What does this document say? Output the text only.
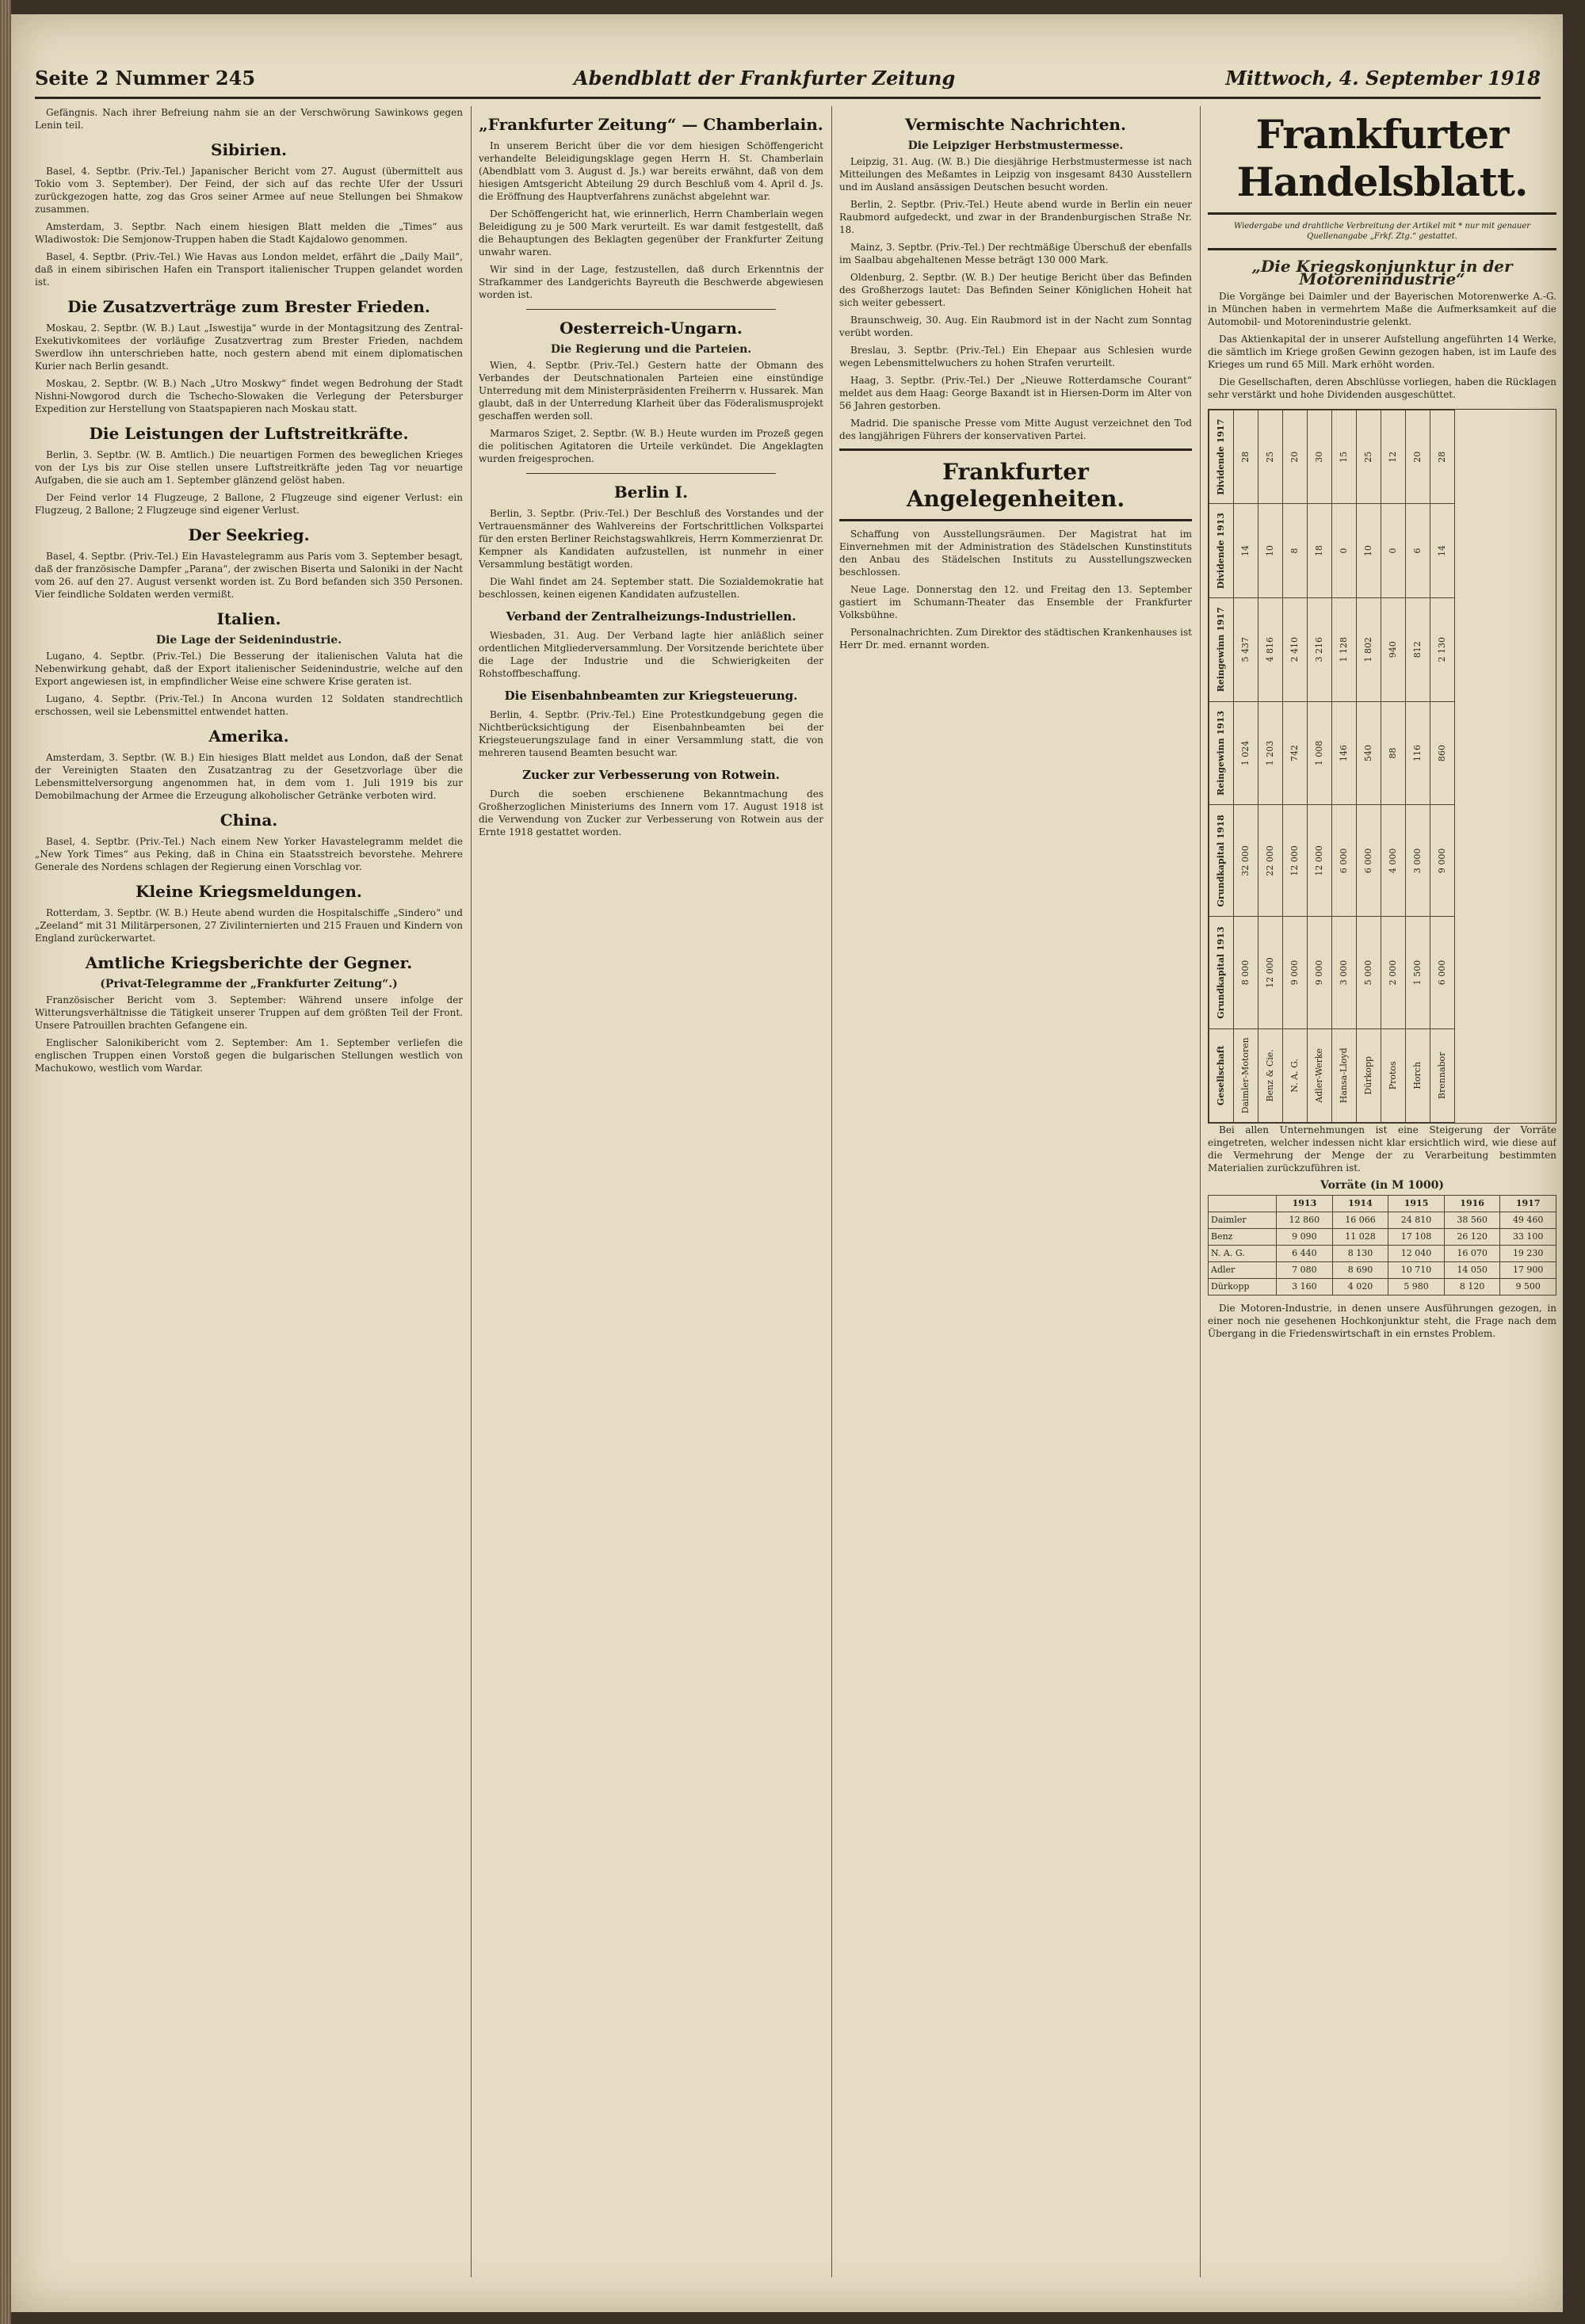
Seite 2 Nummer 245	Abendblatt der Frankfurter Zeitung	Mittwoch, 4. September 1918

Gefängnis. Nach ihrer Befreiung nahm sie an der Verschwörung Sawinkows gegen Lenin teil.

Sibirien.

Basel, 4. Septbr. (Priv.-Tel.) Japanischer Bericht vom 27. August (übermittelt aus Tokio vom 3. September). Der Feind, der sich auf das rechte Ufer der Ussuri zurückgezogen hatte, zog das Gros seiner Armee auf neue Stellungen bei Shmakow zusammen.

Amsterdam, 3. Septbr. Nach einem hiesigen Blatt melden die „Times“ aus Wladiwostok: Die Semjonow-Truppen haben die Stadt Kajdalowo genommen.

Basel, 4. Septbr. (Priv.-Tel.) Wie Havas aus London meldet, erfährt die „Daily Mail“, daß in einem sibirischen Hafen ein Transport italienischer Truppen gelandet worden ist.

Die Zusatzverträge zum Brester Frieden.

Moskau, 2. Septbr. (W. B.) Laut „Iswestija“ wurde in der Montagsitzung des Zentral-Exekutivkomitees der vorläufige Zusatzvertrag zum Brester Frieden, nachdem Swerdlow ihn unterschrieben hatte, noch gestern abend mit einem diplomatischen Kurier nach Berlin gesandt.

Moskau, 2. Septbr. (W. B.) Nach „Utro Moskwy“ findet wegen Bedrohung der Stadt Nishni-Nowgorod durch die Tschecho-Slowaken die Verlegung der Petersburger Expedition zur Herstellung von Staatspapieren nach Moskau statt.

Die Leistungen der Luftstreitkräfte.

Berlin, 3. Septbr. (W. B. Amtlich.) Die neuartigen Formen des beweglichen Krieges von der Lys bis zur Oise stellen unsere Luftstreitkräfte jeden Tag vor neuartige Aufgaben, die sie auch am 1. September glänzend gelöst haben.

Der Feind verlor 14 Flugzeuge, 2 Ballone, 2 Flugzeuge sind eigener Verlust: ein Flugzeug, 2 Ballone; 2 Flugzeuge sind eigener Verlust.

Der Seekrieg.

Basel, 4. Septbr. (Priv.-Tel.) Ein Havastelegramm aus Paris vom 3. September besagt, daß der französische Dampfer „Parana“, der zwischen Biserta und Saloniki in der Nacht vom 26. auf den 27. August versenkt worden ist. Zu Bord befanden sich 350 Personen. Vier feindliche Soldaten werden vermißt.

Italien.
Die Lage der Seidenindustrie.

Lugano, 4. Septbr. (Priv.-Tel.) Die Besserung der italienischen Valuta hat die Nebenwirkung gehabt, daß der Export italienischer Seidenindustrie, welche auf den Export angewiesen ist, in empfindlicher Weise eine schwere Krise geraten ist.

Lugano, 4. Septbr. (Priv.-Tel.) In Ancona wurden 12 Soldaten standrechtlich erschossen, weil sie Lebensmittel entwendet hatten.

Amerika.

Amsterdam, 3. Septbr. (W. B.) Ein hiesiges Blatt meldet aus London, daß der Senat der Vereinigten Staaten den Zusatzantrag zu der Gesetzvorlage über die Lebensmittelversorgung angenommen hat, in dem vom 1. Juli 1919 bis zur Demobilmachung der Armee die Erzeugung alkoholischer Getränke verboten wird.

China.

Basel, 4. Septbr. (Priv.-Tel.) Nach einem New Yorker Havastelegramm meldet die „New York Times“ aus Peking, daß in China ein Staatsstreich bevorstehe. Mehrere Generale des Nordens schlagen der Regierung einen Vorschlag vor.

Kleine Kriegsmeldungen.

Rotterdam, 3. Septbr. (W. B.) Heute abend wurden die Hospitalschiffe „Sindero“ und „Zeeland“ mit 31 Militärpersonen, 27 Zivilinternierten und 215 Frauen und Kindern von England zurückerwartet.

Amtliche Kriegsberichte der Gegner.
(Privat-Telegramme der „Frankfurter Zeitung“.)

Französischer Bericht vom 3. September: Während unsere infolge der Witterungsverhältnisse die Tätigkeit unserer Truppen auf dem größten Teil der Front. Unsere Patrouillen brachten Gefangene ein.

Englischer Salonikibericht vom 2. September: Am 1. September verliefen die englischen Truppen einen Vorstoß gegen die bulgarischen Stellungen westlich von Machukowo, westlich vom Wardar.

„Frankfurter Zeitung“ — Chamberlain.

In unserem Bericht über die vor dem hiesigen Schöffengericht verhandelte Beleidigungsklage gegen Herrn H. St. Chamberlain (Abendblatt vom 3. August d. Js.) war bereits erwähnt, daß von dem hiesigen Amtsgericht Abteilung 29 durch Beschluß vom 4. April d. Js. die Eröffnung des Hauptverfahrens zunächst abgelehnt war.

Der Schöffengericht hat, wie erinnerlich, Herrn Chamberlain wegen Beleidigung zu je 500 Mark verurteilt. Es war damit festgestellt, daß die Behauptungen des Beklagten gegenüber der Frankfurter Zeitung unwahr waren.

Wir sind in der Lage, festzustellen, daß durch Erkenntnis der Strafkammer des Landgerichts Bayreuth die Beschwerde abgewiesen worden ist.

Oesterreich-Ungarn.
Die Regierung und die Parteien.

Wien, 4. Septbr. (Priv.-Tel.) Gestern hatte der Obmann des Verbandes der Deutschnationalen Parteien eine einstündige Unterredung mit dem Ministerpräsidenten Freiherrn v. Hussarek. Man glaubt, daß in der Unterredung Klarheit über das Föderalismusprojekt geschaffen werden soll.

Marmaros Sziget, 2. Septbr. (W. B.) Heute wurden im Prozeß gegen die politischen Agitatoren die Urteile verkündet. Die Angeklagten wurden freigesprochen.

Berlin I.

Berlin, 3. Septbr. (Priv.-Tel.) Der Beschluß des Vorstandes und der Vertrauensmänner des Wahlvereins der Fortschrittlichen Volkspartei für den ersten Berliner Reichstagswahlkreis, Herrn Kommerzienrat Dr. Kempner als Kandidaten aufzustellen, ist nunmehr in einer Versammlung bestätigt worden.

Die Wahl findet am 24. September statt. Die Sozialdemokratie hat beschlossen, keinen eigenen Kandidaten aufzustellen.

Verband der Zentralheizungs-Industriellen.

Wiesbaden, 31. Aug. Der Verband lagte hier anläßlich seiner ordentlichen Mitgliederversammlung. Der Vorsitzende berichtete über die Lage der Industrie und die Schwierigkeiten der Rohstoffbeschaffung.

Die Eisenbahnbeamten zur Kriegsteuerung.

Berlin, 4. Septbr. (Priv.-Tel.) Eine Protestkundgebung gegen die Nichtberücksichtigung der Eisenbahnbeamten bei der Kriegsteuerungszulage fand in einer Versammlung statt, die von mehreren tausend Beamten besucht war.

Zucker zur Verbesserung von Rotwein.

Durch die soeben erschienene Bekanntmachung des Großherzoglichen Ministeriums des Innern vom 17. August 1918 ist die Verwendung von Zucker zur Verbesserung von Rotwein aus der Ernte 1918 gestattet worden.

Vermischte Nachrichten.
Die Leipziger Herbstmustermesse.

Leipzig, 31. Aug. (W. B.) Die diesjährige Herbstmustermesse ist nach Mitteilungen des Meßamtes in Leipzig von insgesamt 8430 Ausstellern und im Ausland ansässigen Deutschen besucht worden.

Berlin, 2. Septbr. (Priv.-Tel.) Heute abend wurde in Berlin ein neuer Raubmord aufgedeckt, und zwar in der Brandenburgischen Straße Nr. 18.

Mainz, 3. Septbr. (Priv.-Tel.) Der rechtmäßige Überschuß der ebenfalls im Saalbau abgehaltenen Messe beträgt 130 000 Mark.

Oldenburg, 2. Septbr. (W. B.) Der heutige Bericht über das Befinden des Großherzogs lautet: Das Befinden Seiner Königlichen Hoheit hat sich weiter gebessert.

Braunschweig, 30. Aug. Ein Raubmord ist in der Nacht zum Sonntag verübt worden.

Breslau, 3. Septbr. (Priv.-Tel.) Ein Ehepaar aus Schlesien wurde wegen Lebensmittelwuchers zu hohen Strafen verurteilt.

Haag, 3. Septbr. (Priv.-Tel.) Der „Nieuwe Rotterdamsche Courant“ meldet aus dem Haag: George Baxandt ist in Hiersen-Dorm im Alter von 56 Jahren gestorben.

Madrid. Die spanische Presse vom Mitte August verzeichnet den Tod des langjährigen Führers der konservativen Partei.

Frankfurter Angelegenheiten.

Schaffung von Ausstellungsräumen. Der Magistrat hat im Einvernehmen mit der Administration des Städelschen Kunstinstituts den Anbau des Städelschen Instituts zu Ausstellungszwecken beschlossen.

Neue Lage. Donnerstag den 12. und Freitag den 13. September gastiert im Schumann-Theater das Ensemble der Frankfurter Volksbühne.

Personalnachrichten. Zum Direktor des städtischen Krankenhauses ist Herr Dr. med. ernannt worden.

Frankfurter Handelsblatt.
Wiedergabe und drahtliche Verbreitung der Artikel mit * nur mit genauer Quellenangabe „Frkf. Ztg.“ gestattet.
„Die Kriegskonjunktur in der Motorenindustrie“

Die Vorgänge bei Daimler und der Bayerischen Motorenwerke A.-G. in München haben in vermehrtem Maße die Aufmerksamkeit auf die Automobil- und Motorenindustrie gelenkt.

Das Aktienkapital der in unserer Aufstellung angeführten 14 Werke, die sämtlich im Kriege großen Gewinn gezogen haben, ist im Laufe des Krieges um rund 65 Mill. Mark erhöht worden.

Die Gesellschaften, deren Abschlüsse vorliegen, haben die Rücklagen sehr verstärkt und hohe Dividenden ausgeschüttet.

Gesellschaft	Grundkapital 1913	Grundkapital 1918	Reingewinn 1913	Reingewinn 1917	Dividende 1913	Dividende 1917
Daimler-Motoren	8 000	32 000	1 024	5 437	14	28
Benz & Cie.	12 000	22 000	1 203	4 816	10	25
N. A. G.	9 000	12 000	742	2 410	8	20
Adler-Werke	9 000	12 000	1 008	3 216	18	30
Hansa-Lloyd	3 000	6 000	146	1 128	0	15
Dürkopp	5 000	6 000	540	1 802	10	25
Protos	2 000	4 000	88	940	0	12
Horch	1 500	3 000	116	812	6	20
Brennabor	6 000	9 000	860	2 130	14	28

Bei allen Unternehmungen ist eine Steigerung der Vorräte eingetreten, welcher indessen nicht klar ersichtlich wird, wie diese auf die Vermehrung der Menge der zu Verarbeitung bestimmten Materialien zurückzuführen ist.

Vorräte (in M 1000)
	1913	1914	1915	1916	1917
Daimler	12 860	16 066	24 810	38 560	49 460
Benz	9 090	11 028	17 108	26 120	33 100
N. A. G.	6 440	8 130	12 040	16 070	19 230
Adler	7 080	8 690	10 710	14 050	17 900
Dürkopp	3 160	4 020	5 980	8 120	9 500

Die Motoren-Industrie, in denen unsere Ausführungen gezogen, in einer noch nie gesehenen Hochkonjunktur steht, die Frage nach dem Übergang in die Friedenswirtschaft in ein ernstes Problem.
